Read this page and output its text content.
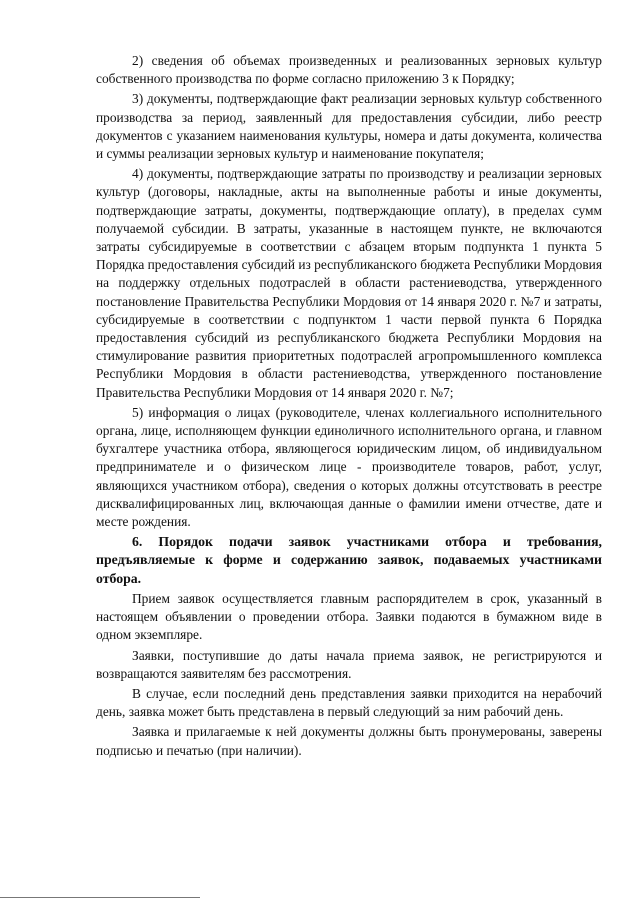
2) сведения об объемах произведенных и реализованных зерновых культур собственного производства по форме согласно приложению 3 к Порядку;

3) документы, подтверждающие факт реализации зерновых культур собственного производства за период, заявленный для предоставления субсидии, либо реестр документов с указанием наименования культуры, номера и даты документа, количества и суммы реализации зерновых культур и наименование покупателя;

4) документы, подтверждающие затраты по производству и реализации зерновых культур (договоры, накладные, акты на выполненные работы и иные документы, подтверждающие затраты, документы, подтверждающие оплату), в пределах сумм получаемой субсидии. В затраты, указанные в настоящем пункте, не включаются затраты субсидируемые в соответствии с абзацем вторым подпункта 1 пункта 5 Порядка предоставления субсидий из республиканского бюджета Республики Мордовия на поддержку отдельных подотраслей в области растениеводства, утвержденного постановление Правительства Республики Мордовия от 14 января 2020 г. №7 и затраты, субсидируемые в соответствии с подпунктом 1 части первой пункта 6 Порядка предоставления субсидий из республиканского бюджета Республики Мордовия на стимулирование развития приоритетных подотраслей агропромышленного комплекса Республики Мордовия в области растениеводства, утвержденного постановление Правительства Республики Мордовия от 14 января 2020 г. №7;

5) информация о лицах (руководителе, членах коллегиального исполнительного органа, лице, исполняющем функции единоличного исполнительного органа, и главном бухгалтере участника отбора, являющегося юридическим лицом, об индивидуальном предпринимателе и о физическом лице - производителе товаров, работ, услуг, являющихся участником отбора), сведения о которых должны отсутствовать в реестре дисквалифицированных лиц, включающая данные о фамилии имени отчестве, дате и месте рождения.

6. Порядок подачи заявок участниками отбора и требования, предъявляемые к форме и содержанию заявок, подаваемых участниками отбора.

Прием заявок осуществляется главным распорядителем в срок, указанный в настоящем объявлении о проведении отбора. Заявки подаются в бумажном виде в одном экземпляре.

Заявки, поступившие до даты начала приема заявок, не регистрируются и возвращаются заявителям без рассмотрения.

В случае, если последний день представления заявки приходится на нерабочий день, заявка может быть представлена в первый следующий за ним рабочий день.

Заявка и прилагаемые к ней документы должны быть пронумерованы, заверены подписью и печатью (при наличии).
